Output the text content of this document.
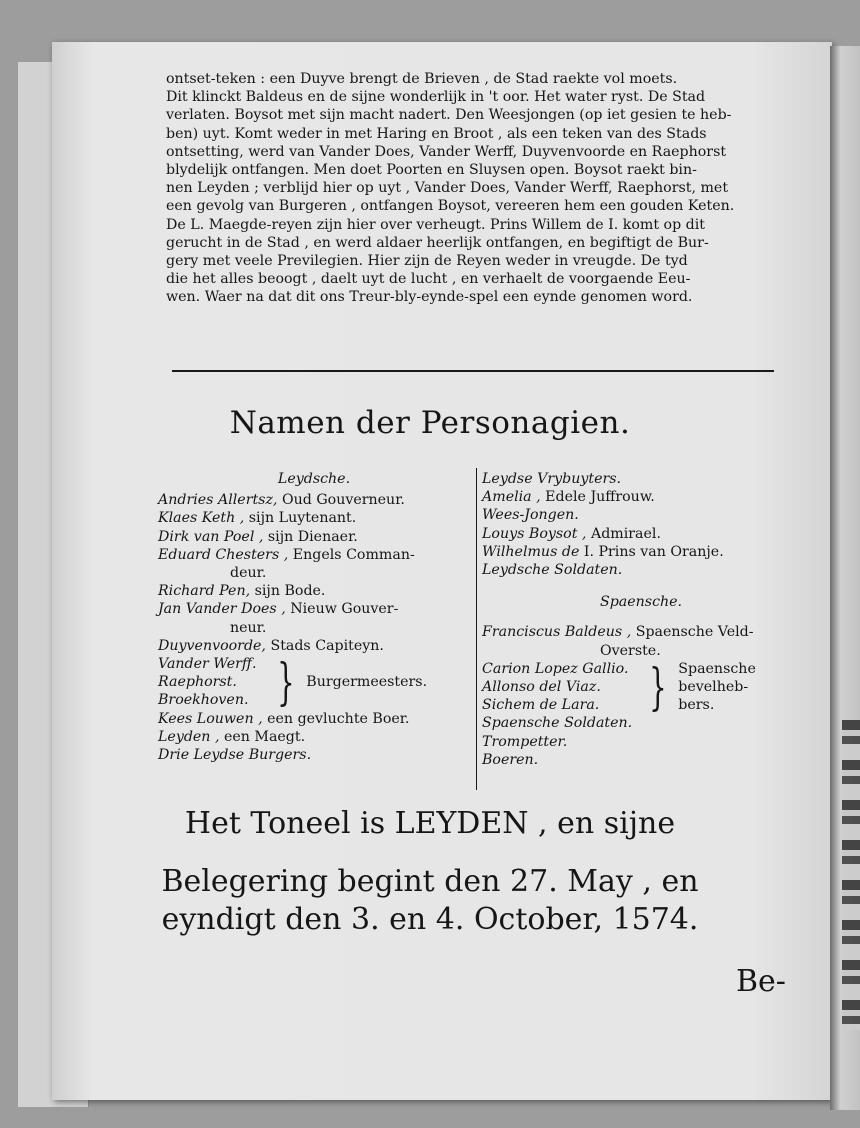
ontset-teken : een Duyve brengt de Brieven , de Stad raekte vol moets.

Dit klinckt Baldeus en de sijne wonderlijk in 't oor. Het water ryst. De Stad

verlaten. Boysot met sijn macht nadert. Den Weesjongen (op iet gesien te heb-

ben) uyt. Komt weder in met Haring en Broot , als een teken van des Stads

ontsetting, werd van Vander Does, Vander Werff, Duyvenvoorde en Raephorst

blydelijk ontfangen. Men doet Poorten en Sluysen open. Boysot raekt bin-

nen Leyden ; verblijd hier op uyt , Vander Does, Vander Werff, Raephorst, met

een gevolg van Burgeren , ontfangen Boysot, vereeren hem een gouden Keten.

De L. Maegde-reyen zijn hier over verheugt. Prins Willem de I. komt op dit

gerucht in de Stad , en werd aldaer heerlijk ontfangen, en begiftigt de Bur-

gery met veele Previlegien. Hier zijn de Reyen weder in vreugde. De tyd

die het alles beoogt , daelt uyt de lucht , en verhaelt de voorgaende Eeu-

wen. Waer na dat dit ons Treur-bly-eynde-spel een eynde genomen word.

Namen der Personagien.
Leydsche.
Andries Allertsz, Oud Gouverneur.
Klaes Keth , sijn Luytenant.
Dirk van Poel , sijn Dienaer.
Eduard Chesters , Engels Comman-
deur.
Richard Pen, sijn Bode.
Jan Vander Does , Nieuw Gouver-
neur.
Duyvenvoorde, Stads Capiteyn.
Vander Werff.
Raephorst.
Broekhoven. } Burgermeesters.
Kees Louwen , een gevluchte Boer.
Leyden , een Maegt.
Drie Leydse Burgers.
Leydse Vrybuyters.
Amelia , Edele Juffrouw.
Wees-Jongen.
Louys Boysot , Admirael.
Wilhelmus de I. Prins van Oranje.
Leydsche Soldaten.
Spaensche.
Franciscus Baldeus , Spaensche Veld-
Overste.
Carion Lopez Gallio.
Allonso del Viaz.
Sichem de Lara.	} Spaensche
bevelheb-
bers.
Spaensche Soldaten.
Trompetter.
Boeren.
Het Toneel is LEYDEN , en sijne
Belegering begint den 27. May , en
eyndigt den 3. en 4. October, 1574.
Be-
